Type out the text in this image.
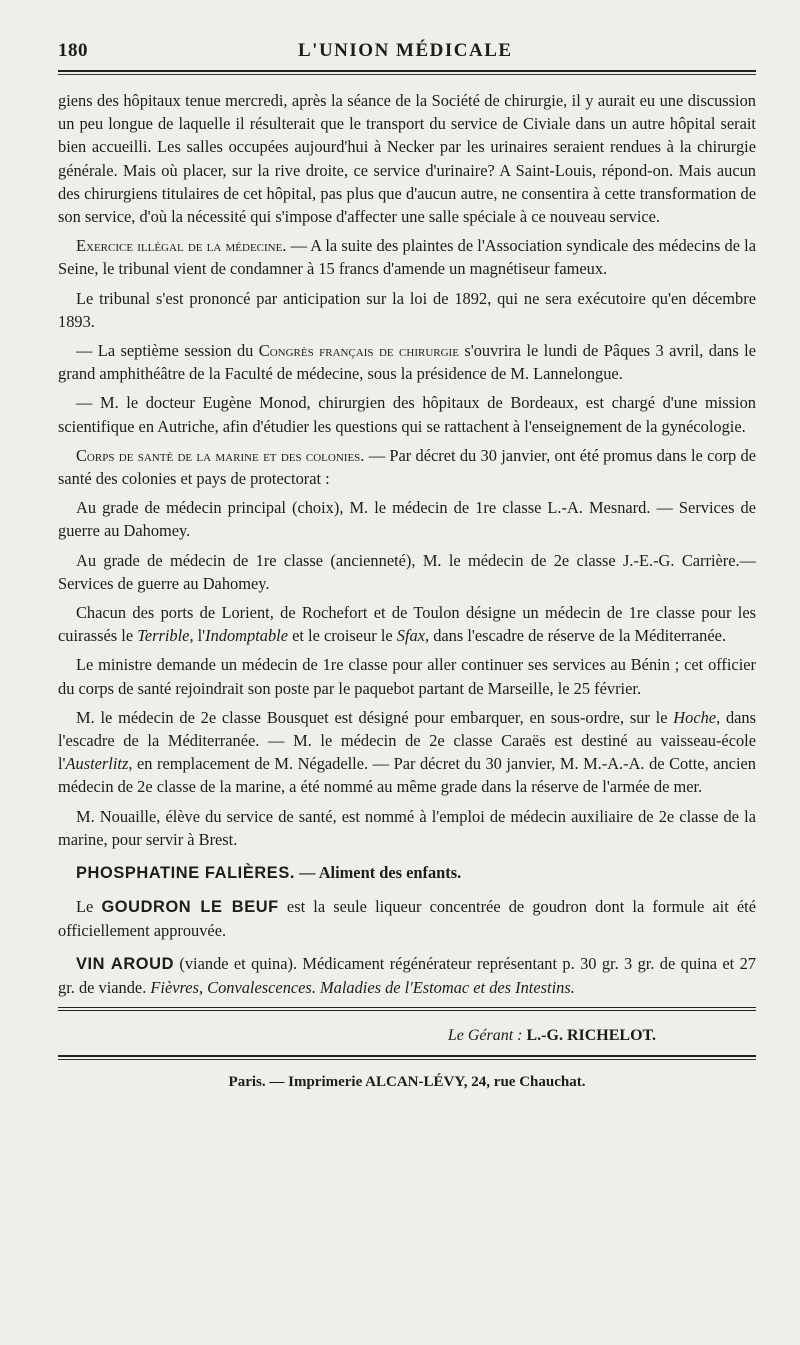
180	L'UNION MÉDICALE

giens des hôpitaux tenue mercredi, après la séance de la Société de chirurgie, il y aurait eu une discussion un peu longue de laquelle il résulterait que le transport du service de Civiale dans un autre hôpital serait bien accueilli. Les salles occupées aujourd'hui à Necker par les urinaires seraient rendues à la chirurgie générale. Mais où placer, sur la rive droite, ce service d'urinaire? A Saint-Louis, répond-on. Mais aucun des chirurgiens titulaires de cet hôpital, pas plus que d'aucun autre, ne consentira à cette transformation de son service, d'où la nécessité qui s'impose d'affecter une salle spéciale à ce nouveau service.

Exercice illégal de la médecine. — A la suite des plaintes de l'Association syndicale des médecins de la Seine, le tribunal vient de condamner à 15 francs d'amende un magnétiseur fameux.

Le tribunal s'est prononcé par anticipation sur la loi de 1892, qui ne sera exécutoire qu'en décembre 1893.

— La septième session du Congrès français de chirurgie s'ouvrira le lundi de Pâques 3 avril, dans le grand amphithéâtre de la Faculté de médecine, sous la présidence de M. Lannelongue.

— M. le docteur Eugène Monod, chirurgien des hôpitaux de Bordeaux, est chargé d'une mission scientifique en Autriche, afin d'étudier les questions qui se rattachent à l'enseignement de la gynécologie.

Corps de santé de la marine et des colonies. — Par décret du 30 janvier, ont été promus dans le corp de santé des colonies et pays de protectorat :

Au grade de médecin principal (choix), M. le médecin de 1re classe L.-A. Mesnard. — Services de guerre au Dahomey.

Au grade de médecin de 1re classe (ancienneté), M. le médecin de 2e classe J.-E.-G. Carrière.— Services de guerre au Dahomey.

Chacun des ports de Lorient, de Rochefort et de Toulon désigne un médecin de 1re classe pour les cuirassés le Terrible, l'Indomptable et le croiseur le Sfax, dans l'escadre de réserve de la Méditerranée.

Le ministre demande un médecin de 1re classe pour aller continuer ses services au Bénin ; cet officier du corps de santé rejoindrait son poste par le paquebot partant de Marseille, le 25 février.

M. le médecin de 2e classe Bousquet est désigné pour embarquer, en sous-ordre, sur le Hoche, dans l'escadre de la Méditerranée. — M. le médecin de 2e classe Caraës est destiné au vaisseau-école l'Austerlitz, en remplacement de M. Négadelle. — Par décret du 30 janvier, M. M.-A.-A. de Cotte, ancien médecin de 2e classe de la marine, a été nommé au même grade dans la réserve de l'armée de mer.

M. Nouaille, élève du service de santé, est nommé à l'emploi de médecin auxiliaire de 2e classe de la marine, pour servir à Brest.

PHOSPHATINE FALIÈRES. — Aliment des enfants.

Le GOUDRON LE BEUF est la seule liqueur concentrée de goudron dont la formule ait été officiellement approuvée.

VIN AROUD (viande et quina). Médicament régénérateur représentant p. 30 gr. 3 gr. de quina et 27 gr. de viande. Fièvres, Convalescences. Maladies de l'Estomac et des Intestins.

Le Gérant : L.-G. RICHELOT.
Paris. — Imprimerie ALCAN-LÉVY, 24, rue Chauchat.
